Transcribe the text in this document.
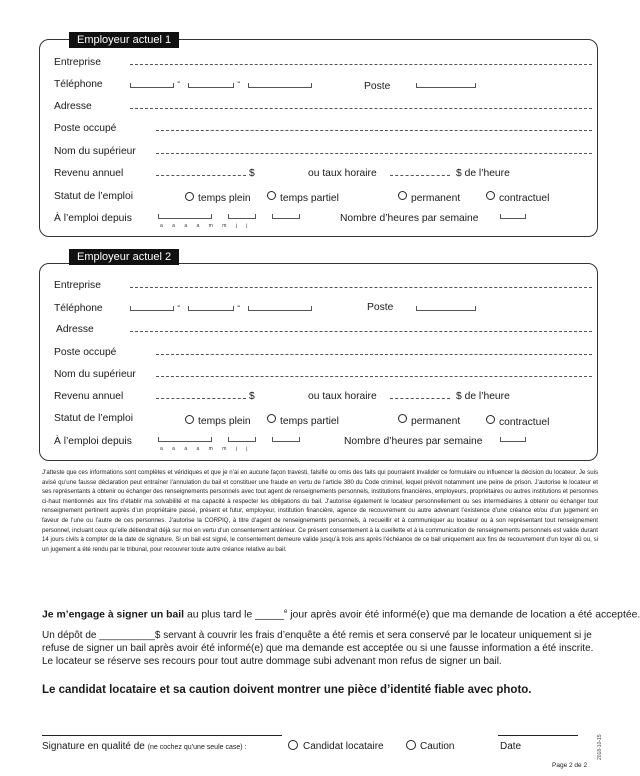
Employeur actuel 1
Entreprise
Téléphone	-	-	Poste
Adresse
Poste occupé
Nom du supérieur
Revenu annuel	$	ou taux horaire	$ de l’heure
Statut de l’emploi	temps plein	temps partiel	permanent	contractuel
À l’emploi depuis
a a a a m m j j
Nombre d’heures par semaine
Employeur actuel 2
Entreprise
Téléphone	-	-	Poste
Adresse
Poste occupé
Nom du supérieur
Revenu annuel	$	ou taux horaire	$ de l’heure
Statut de l’emploi	temps plein	temps partiel	permanent	contractuel
À l’emploi depuis
a a a a m m j j
Nombre d’heures par semaine
J’atteste que ces informations sont complètes et véridiques et que je n’ai en aucune façon travesti, falsifié ou omis des faits qui pourraient invalider ce formulaire ou influencer la décision du locateur. Je suis avisé qu’une fausse déclaration peut entraîner l’annulation du bail et constituer une fraude en vertu de l’article 380 du Code criminel, lequel prévoit notamment une peine de prison. J’autorise le locateur et ses représentants à obtenir ou échanger des renseignements personnels avec tout agent de renseignements personnels, institutions financières, employeurs, propriétaires ou autres institutions et personnes ci-haut mentionnés aux fins d’établir ma solvabilité et ma capacité à respecter les obligations du bail. J’autorise également le locateur personnellement ou ses intermédiaires à obtenir ou échanger tout renseignement pertinent auprès d’un propriétaire passé, présent et futur, employeur, institution financière, agence de recouvrement ou autre advenant l’existence d’une créance et/ou d’un jugement en faveur de l’une ou l’autre de ces personnes. J’autorise la CORPIQ, à titre d’agent de renseignements personnels, à recueillir et à communiquer au locateur ou à son représentant tout renseignement personnel, incluant ceux qu’elle détiendrait déjà sur moi en vertu d’un consentement antérieur. Ce présent consentement à la cueillette et à la communication de renseignements personnels est valide durant 14 jours civils à compter de la date de signature. Si un bail est signé, le consentement demeure valide jusqu’à trois ans après l’échéance de ce bail uniquement aux fins de recouvrement d’un loyer dû ou, si un jugement a été rendu par le tribunal, pour recouvrer toute autre créance relative au bail.
Je m’engage à signer un bail au plus tard le _____$^e$ jour après avoir été informé(e) que ma demande de location a été acceptée.
Un dépôt de __________$ servant à couvrir les frais d’enquête a été remis et sera conservé par le locateur uniquement si je
refuse de signer un bail après avoir été informé(e) que ma demande est acceptée ou si une fausse information a été inscrite.
Le locateur se réserve ses recours pour tout autre dommage subi advenant mon refus de signer un bail.
Le candidat locataire et sa caution doivent montrer une pièce d’identité fiable avec photo.
Signature en qualité de (ne cochez qu’une seule case) :	Candidat locataire	Caution	Date
Page 2 de 2
2018-10-15
